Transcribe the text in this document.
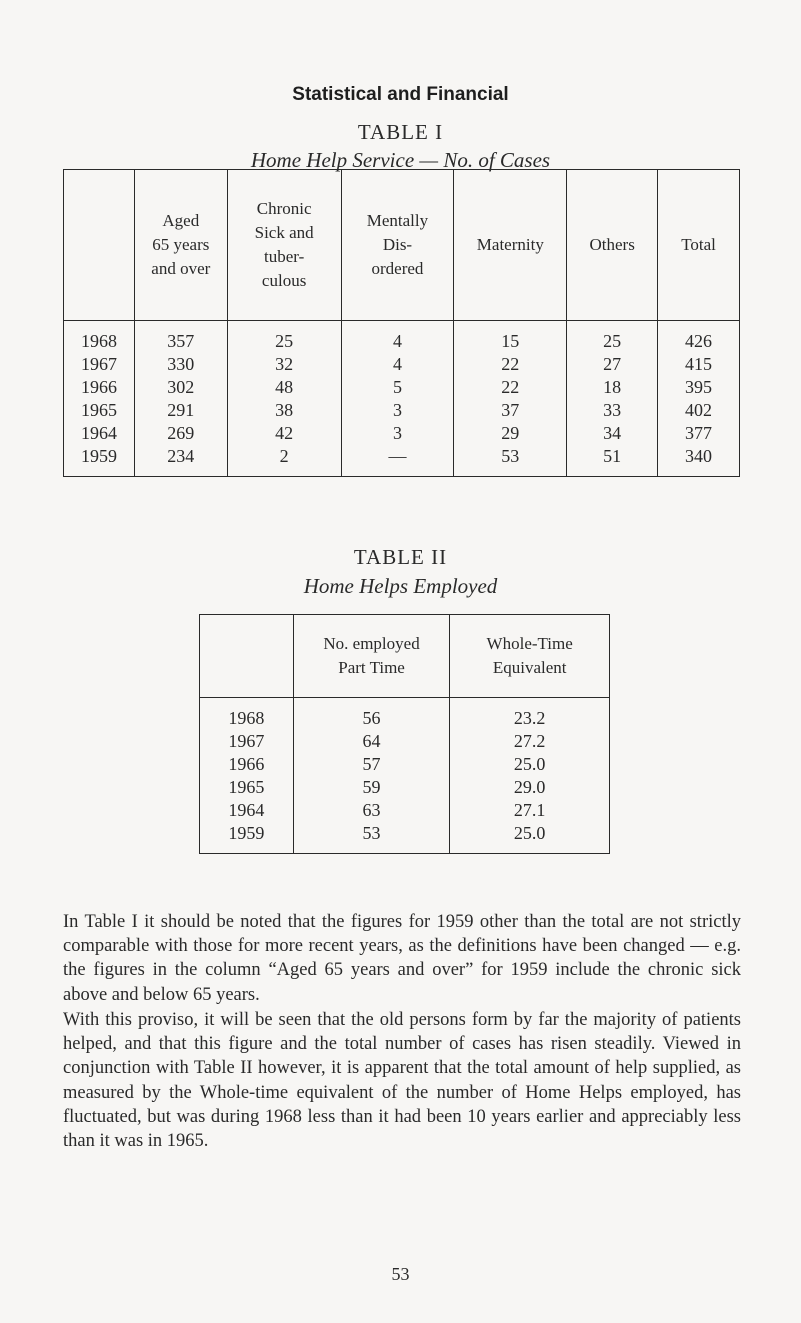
Statistical and Financial
TABLE I
Home Help Service — No. of Cases
	Aged
65 years
and over	Chronic
Sick and
tuber-
culous	Mentally
Dis-
ordered	Maternity	Others	Total
1968	357	25	4	15	25	426
1967	330	32	4	22	27	415
1966	302	48	5	22	18	395
1965	291	38	3	37	33	402
1964	269	42	3	29	34	377
1959	234	2	—	53	51	340
TABLE II
Home Helps Employed
	No. employed
Part Time	Whole-Time
Equivalent
1968	56	23.2
1967	64	27.2
1966	57	25.0
1965	59	29.0
1964	63	27.1
1959	53	25.0

In Table I it should be noted that the figures for 1959 other than the total are not strictly comparable with those for more recent years, as the definitions have been changed — e.g. the figures in the column “Aged 65 years and over” for 1959 include the chronic sick above and below 65 years.

With this proviso, it will be seen that the old persons form by far the majority of patients helped, and that this figure and the total number of cases has risen steadily. Viewed in conjunction with Table II however, it is apparent that the total amount of help supplied, as measured by the Whole-time equivalent of the number of Home Helps employed, has fluctuated, but was during 1968 less than it had been 10 years earlier and appreciably less than it was in 1965.

53
